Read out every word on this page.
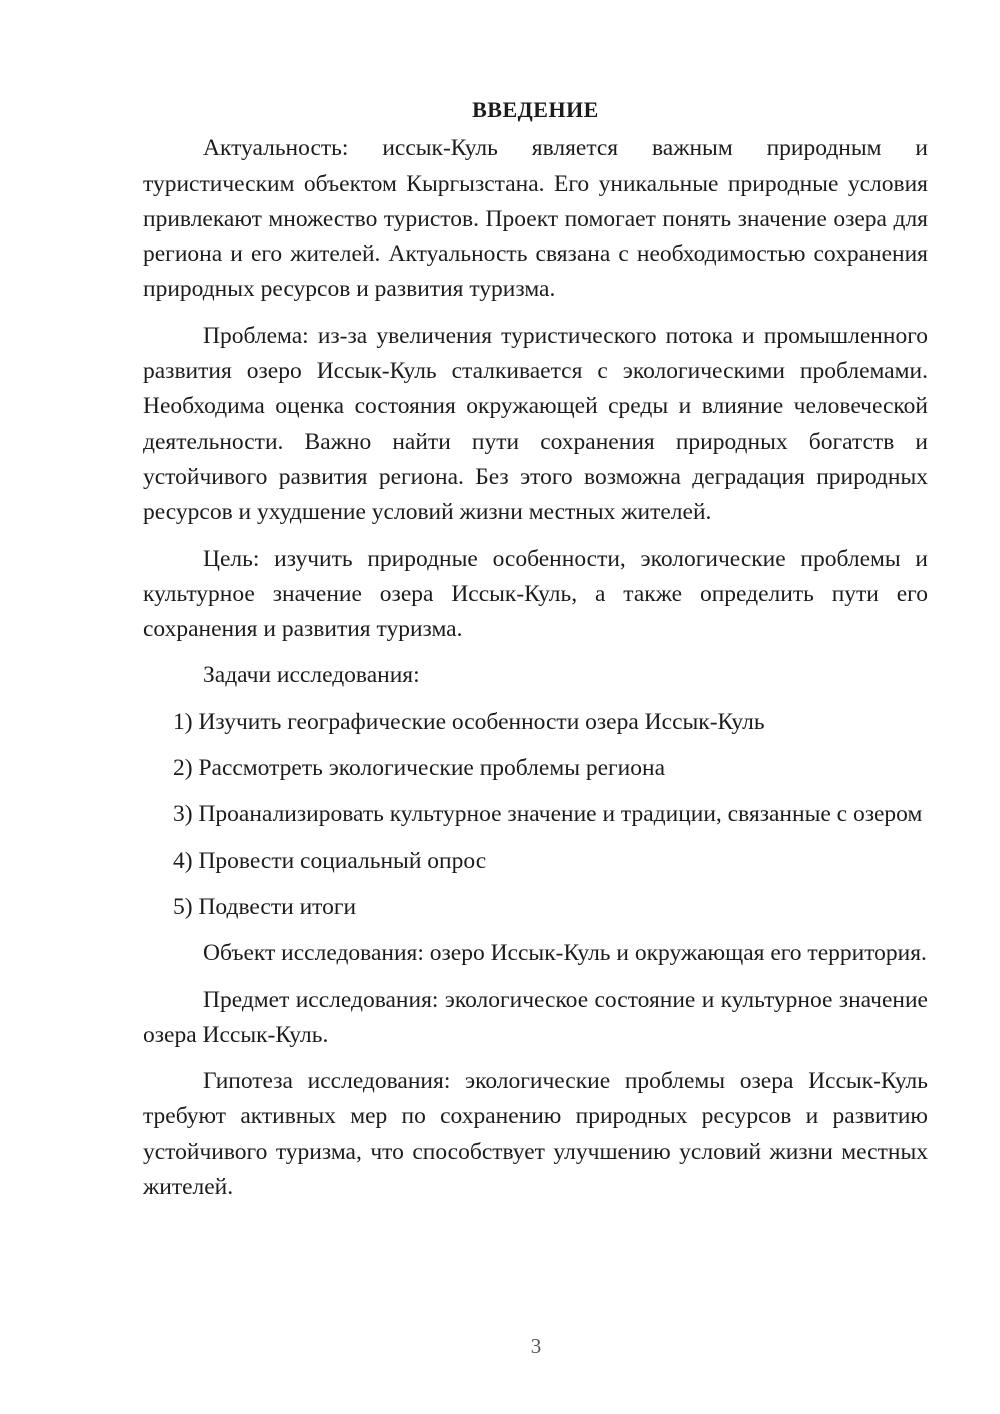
ВВЕДЕНИЕ

Актуальность: иссык-Куль является важным природным и туристическим объектом Кыргызстана. Его уникальные природные условия привлекают множество туристов. Проект помогает понять значение озера для региона и его жителей. Актуальность связана с необходимостью сохранения природных ресурсов и развития туризма.

Проблема: из-за увеличения туристического потока и промышленного развития озеро Иссык-Куль сталкивается с экологическими проблемами. Необходима оценка состояния окружающей среды и влияние человеческой деятельности. Важно найти пути сохранения природных богатств и устойчивого развития региона. Без этого возможна деградация природных ресурсов и ухудшение условий жизни местных жителей.

Цель: изучить природные особенности, экологические проблемы и культурное значение озера Иссык-Куль, а также определить пути его сохранения и развития туризма.

Задачи исследования:

1) Изучить географические особенности озера Иссык-Куль

2) Рассмотреть экологические проблемы региона

3) Проанализировать культурное значение и традиции, связанные с озером

4) Провести социальный опрос

5) Подвести итоги

Объект исследования: озеро Иссык-Куль и окружающая его территория.

Предмет исследования: экологическое состояние и культурное значение озера Иссык-Куль.

Гипотеза исследования: экологические проблемы озера Иссык-Куль требуют активных мер по сохранению природных ресурсов и развитию устойчивого туризма, что способствует улучшению условий жизни местных жителей.

3
